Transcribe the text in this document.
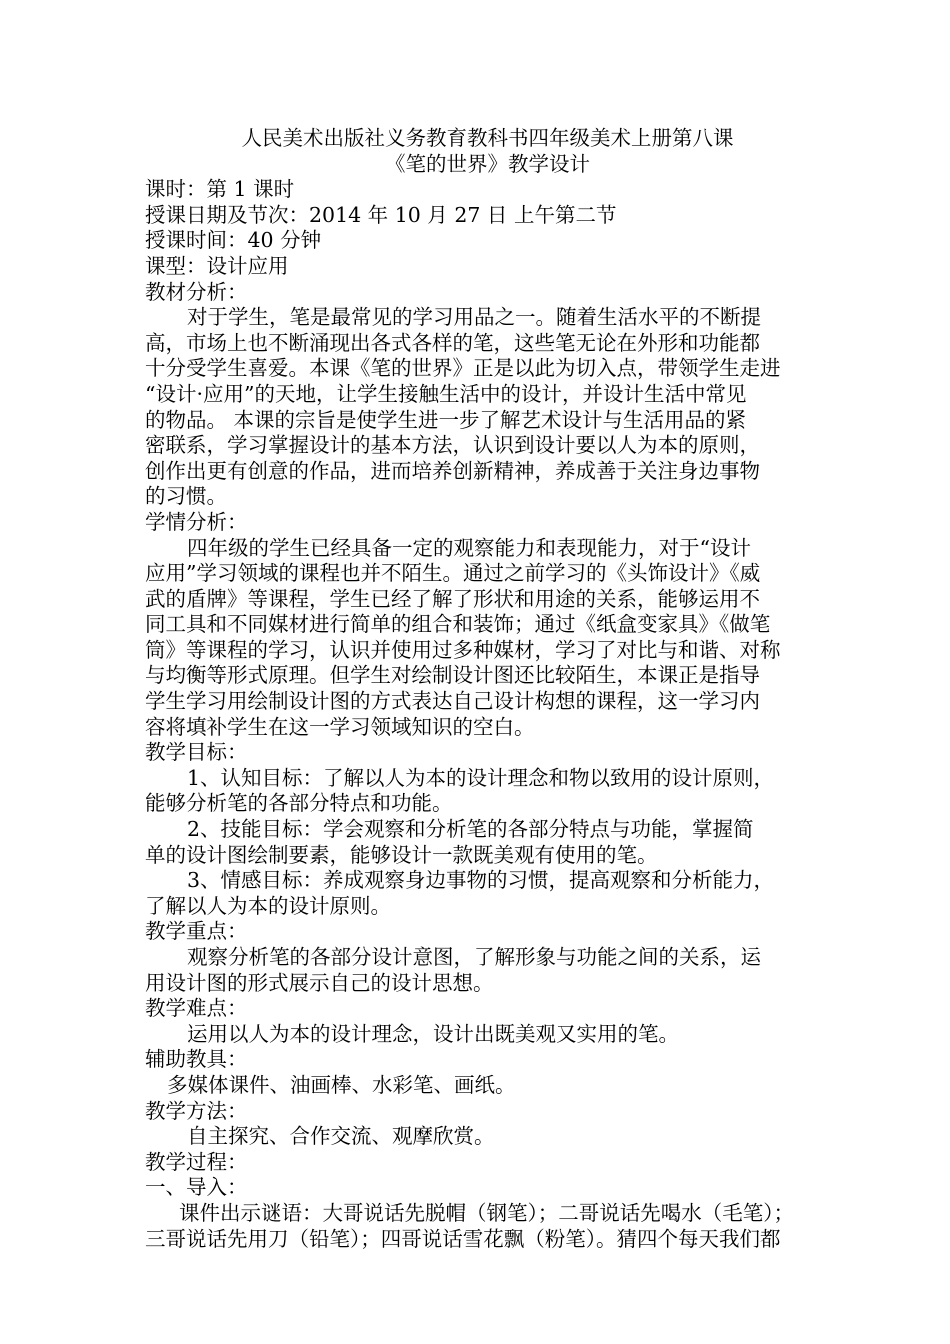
人民美术出版社义务教育教科书四年级美术上册第八课
《笔的世界》教学设计
课时：第 1 课时
授课日期及节次：2014 年 10 月 27 日 上午第二节
授课时间：40 分钟
课型：设计应用
教材分析：
对于学生，笔是最常见的学习用品之一。随着生活水平的不断提
高，市场上也不断涌现出各式各样的笔，这些笔无论在外形和功能都
十分受学生喜爱。本课《笔的世界》正是以此为切入点，带领学生走进
“设计·应用”的天地，让学生接触生活中的设计，并设计生活中常见
的物品。 本课的宗旨是使学生进一步了解艺术设计与生活用品的紧
密联系，学习掌握设计的基本方法，认识到设计要以人为本的原则，
创作出更有创意的作品，进而培养创新精神，养成善于关注身边事物
的习惯。
学情分析：
四年级的学生已经具备一定的观察能力和表现能力，对于“设计
应用”学习领域的课程也并不陌生。通过之前学习的《头饰设计》《威
武的盾牌》等课程，学生已经了解了形状和用途的关系，能够运用不
同工具和不同媒材进行简单的组合和装饰；通过《纸盒变家具》《做笔
筒》等课程的学习，认识并使用过多种媒材，学习了对比与和谐、对称
与均衡等形式原理。但学生对绘制设计图还比较陌生，本课正是指导
学生学习用绘制设计图的方式表达自己设计构想的课程，这一学习内
容将填补学生在这一学习领域知识的空白。
教学目标：
1、认知目标：了解以人为本的设计理念和物以致用的设计原则，
能够分析笔的各部分特点和功能。
2、技能目标：学会观察和分析笔的各部分特点与功能，掌握简
单的设计图绘制要素，能够设计一款既美观有使用的笔。
3、情感目标：养成观察身边事物的习惯，提高观察和分析能力，
了解以人为本的设计原则。
教学重点：
观察分析笔的各部分设计意图，了解形象与功能之间的关系，运
用设计图的形式展示自己的设计思想。
教学难点：
运用以人为本的设计理念，设计出既美观又实用的笔。
辅助教具：
多媒体课件、油画棒、水彩笔、画纸。
教学方法：
自主探究、合作交流、观摩欣赏。
教学过程：
一、导入：
课件出示谜语：大哥说话先脱帽（钢笔）；二哥说话先喝水（毛笔）；
三哥说话先用刀（铅笔）；四哥说话雪花飘（粉笔）。猜四个每天我们都
